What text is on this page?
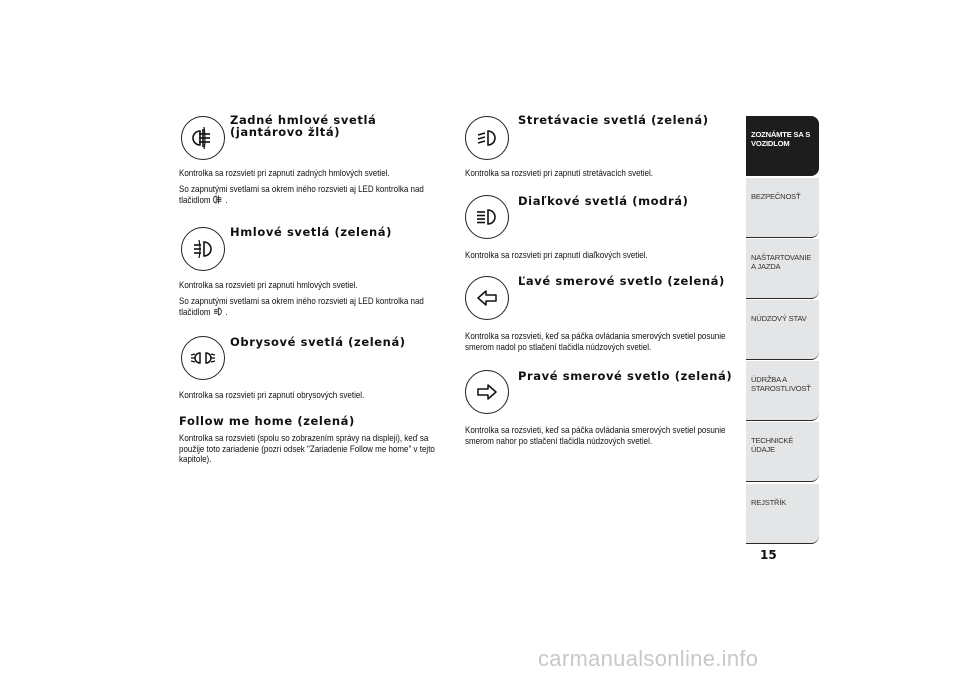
Zadné hmlové svetlá
(jantárovo žltá)

Kontrolka sa rozsvieti pri zapnutí zadných hmlových svetiel.

So zapnutými svetlami sa okrem iného rozsvieti aj LED kontrolka nad tlačidlom .

Hmlové svetlá (zelená)

Kontrolka sa rozsvieti pri zapnutí hmlových svetiel.

So zapnutými svetlami sa okrem iného rozsvieti aj LED kontrolka nad tlačidlom .

Obrysové svetlá (zelená)

Kontrolka sa rozsvieti pri zapnutí obrysových svetiel.

Follow me home (zelená)

Kontrolka sa rozsvieti (spolu so zobrazením správy na displeji), keď sa použije toto zariadenie (pozri odsek "Zariadenie Follow me home" v tejto kapitole).

Stretávacie svetlá (zelená)

Kontrolka sa rozsvieti pri zapnutí stretávacích svetiel.

Diaľkové svetlá (modrá)

Kontrolka sa rozsvieti pri zapnutí diaľkových svetiel.

Ľavé smerové svetlo (zelená)

Kontrolka sa rozsvieti, keď sa páčka ovládania smerových svetiel posunie smerom nadol po stlačení tlačidla núdzových svetiel.

Pravé smerové svetlo (zelená)

Kontrolka sa rozsvieti, keď sa páčka ovládania smerových svetiel posunie smerom nahor po stlačení tlačidla núdzových svetiel.

ZOZNÁMTE SA S VOZIDLOM
BEZPEČNOSŤ
NAŠTARTOVANIE A JAZDA
NÚDZOVÝ STAV
ÚDRŽBA A STAROSTLIVOSŤ
TECHNICKÉ ÚDAJE
REJSTŘÍK
15
carmanualsonline.info
